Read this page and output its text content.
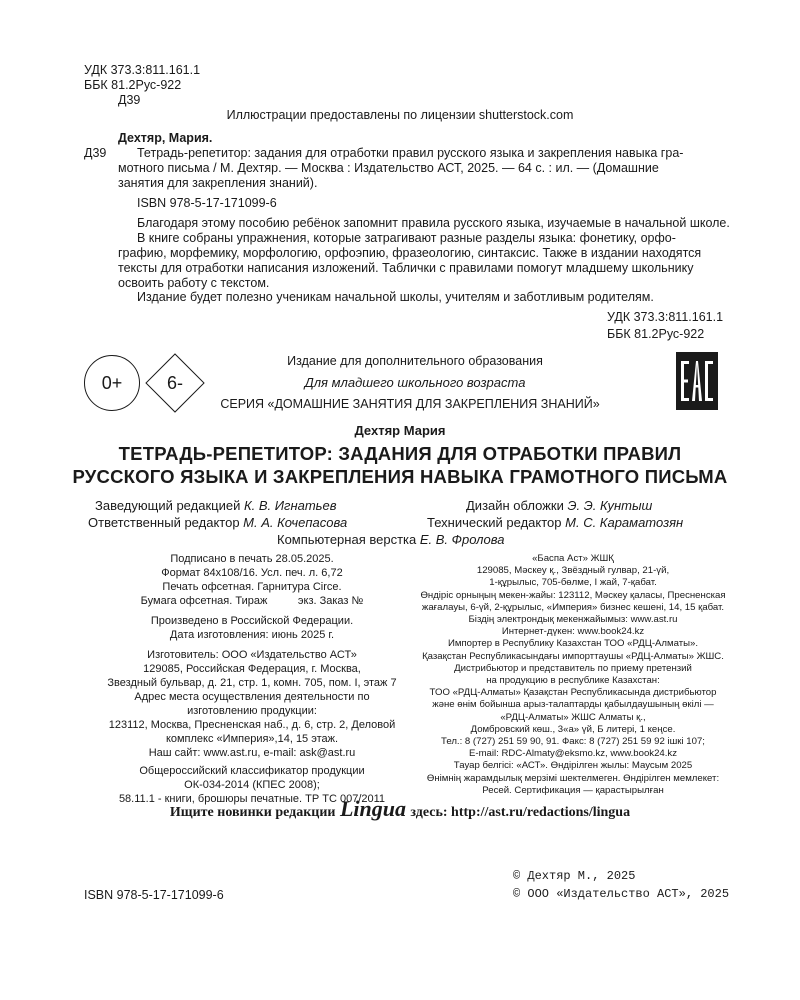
УДК 373.3:811.161.1
ББК 81.2Рус-922
Д39
Иллюстрации предоставлены по лицензии shutterstock.com
Дехтяр, Мария.
Д39 Тетрадь-репетитор: задания для отработки правил русского языка и закрепления навыка гра-
мотного письма / М. Дехтяр. — Москва : Издательство АСТ, 2025. — 64 с. : ил. — (Домашние
занятия для закрепления знаний).
ISBN 978-5-17-171099-6
Благодаря этому пособию ребёнок запомнит правила русского языка, изучаемые в начальной школе.
В книге собраны упражнения, которые затрагивают разные разделы языка: фонетику, орфо-
графию, морфемику, морфологию, орфоэпию, фразеологию, синтаксис. Также в издании находятся
тексты для отработки написания изложений. Таблички с правилами помогут младшему школьнику
освоить работу с текстом.
Издание будет полезно ученикам начальной школы, учителям и заботливым родителям.
УДК 373.3:811.161.1
ББК 81.2Рус-922
0+	6-
Издание для дополнительного образования
Для младшего школьного возраста
СЕРИЯ «ДОМАШНИЕ ЗАНЯТИЯ ДЛЯ ЗАКРЕПЛЕНИЯ ЗНАНИЙ»
Дехтяр Мария
ТЕТРАДЬ-РЕПЕТИТОР: ЗАДАНИЯ ДЛЯ ОТРАБОТКИ ПРАВИЛ
РУССКОГО ЯЗЫКА И ЗАКРЕПЛЕНИЯ НАВЫКА ГРАМОТНОГО ПИСЬМА
Заведующий редакцией К. В. Игнатьев
Ответственный редактор М. А. Кочепасова
Дизайн обложки Э. Э. Кунтыш
Технический редактор М. С. Караматозян
Компьютерная верстка Е. В. Фролова
Подписано в печать 28.05.2025.
Формат 84х108/16. Усл. печ. л. 6,72
Печать офсетная. Гарнитура Circe.
Бумага офсетная. Тираж          экз. Заказ №
Произведено в Российской Федерации.
Дата изготовления: июнь 2025 г.
Изготовитель: ООО «Издательство АСТ»
129085, Российская Федерация, г. Москва,
Звездный бульвар, д. 21, стр. 1, комн. 705, пом. I, этаж 7
Адрес места осуществления деятельности по
изготовлению продукции:
123112, Москва, Пресненская наб., д. 6, стр. 2, Деловой
комплекс «Империя»,14, 15 этаж.
Наш сайт: www.ast.ru, e-mail: ask@ast.ru
Общероссийский классификатор продукции
ОК-034-2014 (КПЕС 2008);
58.11.1 - книги, брошюры печатные. ТР ТС 007/2011
«Баспа Аст» ЖШҚ
129085, Мәскеу қ., Звёздный гулвар, 21-үй,
1-құрылыс, 705-бөлме, I жай, 7-қабат.
Өндіріс орныңың мекен-жайы: 123112, Мәскеу қаласы, Пресненская
жағалауы, 6-үй, 2-құрылыс, «Империя» бизнес кешені, 14, 15 қабат.
Біздің электрондық мекенжайымыз: www.ast.ru
Интернет-дүкен: www.book24.kz
Импортер в Республику Казахстан ТОО «РДЦ-Алматы».
Қазақстан Республикасындағы импорттаушы «РДЦ-Алматы» ЖШС.
Дистрибьютор и представитель по приему претензий
на продукцию в республике Казахстан:
ТОО «РДЦ-Алматы» Қазақстан Республикасында дистрибьютор
және өнім бойынша арыз-талаптарды қабылдаушының өкілі —
«РДЦ-Алматы» ЖШС Алматы қ.,
Домбровский көш., 3«а» үй, Б литері, 1 кеңсе.
Тел.: 8 (727) 251 59 90, 91. Факс: 8 (727) 251 59 92 ішкі 107;
E-mail: RDC-Almaty@eksmo.kz, www.book24.kz
Тауар белгісі: «АСТ». Өндірілген жылы: Маусым 2025
Өнімнің жарамдылық мерзімі шектелмеген. Өндірілген мемлекет:
Ресей. Сертификация — қарастырылған
Ищите новинки редакции Lingua здесь: http://ast.ru/redactions/lingua
ISBN 978-5-17-171099-6
© Дехтяр М., 2025
© ООО «Издательство АСТ», 2025
